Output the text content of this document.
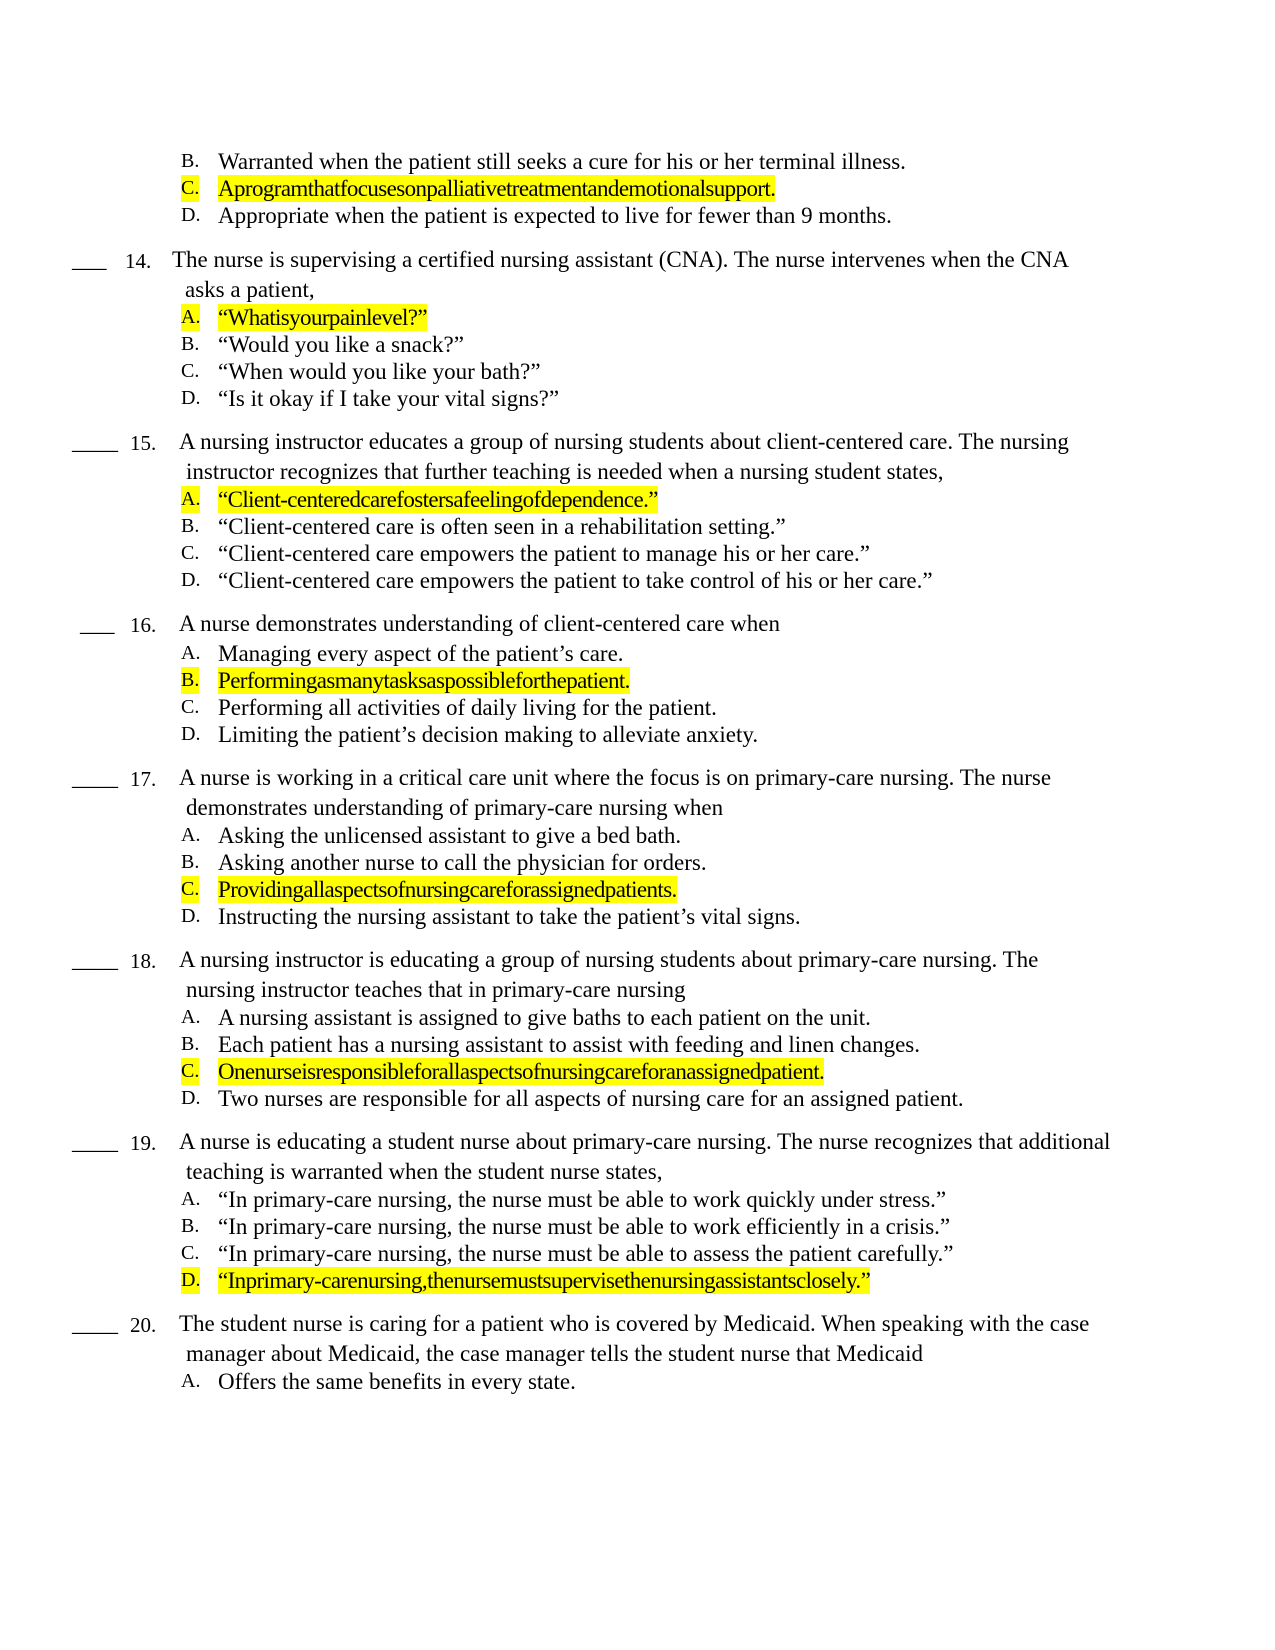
B. Warranted when the patient still seeks a cure for his or her terminal illness.
C. Aprogramthatfocusesonpalliativetreatmentandemotionalsupport.
D. Appropriate when the patient is expected to live for fewer than 9 months.
___ 14. The nurse is supervising a certified nursing assistant (CNA). The nurse intervenes when the CNA
asks a patient,
A. “Whatisyourpainlevel?”
B. “Would you like a snack?”
C. “When would you like your bath?”
D. “Is it okay if I take your vital signs?”
____ 15. A nursing instructor educates a group of nursing students about client-centered care. The nursing
instructor recognizes that further teaching is needed when a nursing student states,
A. “Client-centeredcarefostersafeelingofdependence.”
B. “Client-centered care is often seen in a rehabilitation setting.”
C. “Client-centered care empowers the patient to manage his or her care.”
D. “Client-centered care empowers the patient to take control of his or her care.”
___ 16. A nurse demonstrates understanding of client-centered care when
A. Managing every aspect of the patient’s care.
B. Performingasmanytasksaspossibleforthepatient.
C. Performing all activities of daily living for the patient.
D. Limiting the patient’s decision making to alleviate anxiety.
____ 17. A nurse is working in a critical care unit where the focus is on primary-care nursing. The nurse
demonstrates understanding of primary-care nursing when
A. Asking the unlicensed assistant to give a bed bath.
B. Asking another nurse to call the physician for orders.
C. Providingallaspectsofnursingcareforassignedpatients.
D. Instructing the nursing assistant to take the patient’s vital signs.
____ 18. A nursing instructor is educating a group of nursing students about primary-care nursing. The
nursing instructor teaches that in primary-care nursing
A. A nursing assistant is assigned to give baths to each patient on the unit.
B. Each patient has a nursing assistant to assist with feeding and linen changes.
C. Onenurseisresponsibleforallaspectsofnursingcareforanassignedpatient.
D. Two nurses are responsible for all aspects of nursing care for an assigned patient.
____ 19. A nurse is educating a student nurse about primary-care nursing. The nurse recognizes that additional
teaching is warranted when the student nurse states,
A. “In primary-care nursing, the nurse must be able to work quickly under stress.”
B. “In primary-care nursing, the nurse must be able to work efficiently in a crisis.”
C. “In primary-care nursing, the nurse must be able to assess the patient carefully.”
D. “Inprimary-carenursing,thenursemustsupervisethenursingassistantsclosely.”
____ 20. The student nurse is caring for a patient who is covered by Medicaid. When speaking with the case
manager about Medicaid, the case manager tells the student nurse that Medicaid
A. Offers the same benefits in every state.
